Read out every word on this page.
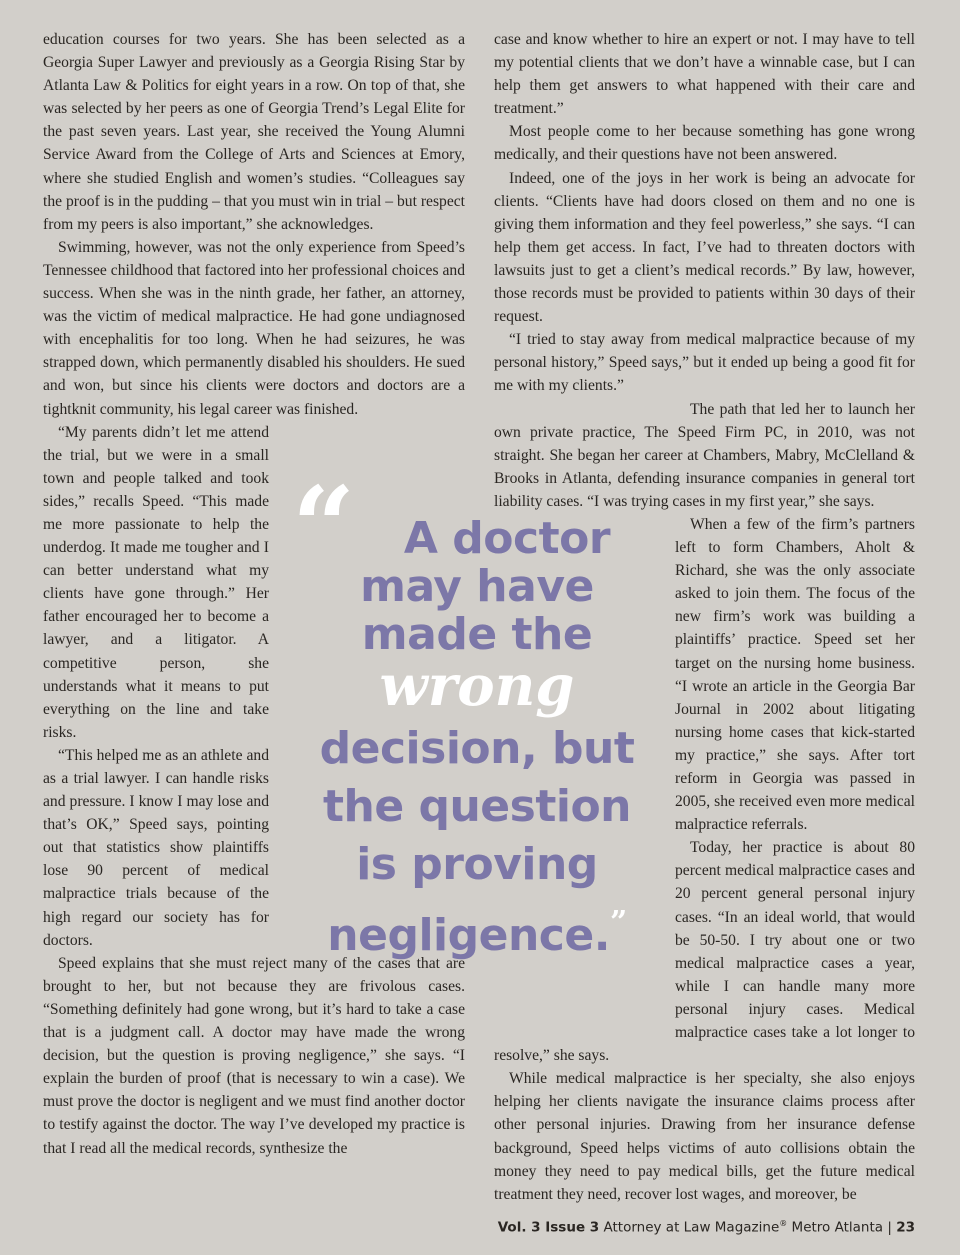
education courses for two years. She has been selected as a Georgia Super Lawyer and previously as a Georgia Rising Star by Atlanta Law & Politics for eight years in a row. On top of that, she was selected by her peers as one of Georgia Trend’s Legal Elite for the past seven years. Last year, she received the Young Alumni Service Award from the College of Arts and Sciences at Emory, where she studied English and women’s studies. “Colleagues say the proof is in the pudding – that you must win in trial – but respect from my peers is also important,” she acknowledges.

Swimming, however, was not the only experience from Speed’s Tennessee childhood that factored into her professional choices and success. When she was in the ninth grade, her father, an attorney, was the victim of medical malpractice. He had gone undiagnosed with encephalitis for too long. When he had seizures, he was strapped down, which permanently disabled his shoulders. He sued and won, but since his clients were doctors and doctors are a tightknit community, his legal career was finished.

“My parents didn’t let me attend the trial, but we were in a small town and people talked and took sides,” recalls Speed. “This made me more passionate to help the underdog. It made me tougher and I can better understand what my clients have gone through.” Her father encouraged her to become a lawyer, and a litigator. A competitive person, she understands what it means to put everything on the line and take risks.

“This helped me as an athlete and as a trial lawyer. I can handle risks and pressure. I know I may lose and that’s OK,” Speed says, pointing out that statistics show plaintiffs lose 90 percent of medical malpractice trials because of the high regard our society has for doctors.

Speed explains that she must reject many of the cases that are brought to her, but not because they are frivolous cases. “Something definitely had gone wrong, but it’s hard to take a case that is a judgment call. A doctor may have made the wrong decision, but the question is proving negligence,” she says. “I explain the burden of proof (that is necessary to win a case). We must prove the doctor is negligent and we must find another doctor to testify against the doctor. The way I’ve developed my practice is that I read all the medical records, synthesize the

case and know whether to hire an expert or not. I may have to tell my potential clients that we don’t have a winnable case, but I can help them get answers to what happened with their care and treatment.”

Most people come to her because something has gone wrong medically, and their questions have not been answered.

Indeed, one of the joys in her work is being an advocate for clients. “Clients have had doors closed on them and no one is giving them information and they feel powerless,” she says. “I can help them get access. In fact, I’ve had to threaten doctors with lawsuits just to get a client’s medical records.” By law, however, those records must be provided to patients within 30 days of their request.

“I tried to stay away from medical malpractice because of my personal history,” Speed says,” but it ended up being a good fit for me with my clients.”

The path that led her to launch her own private practice, The Speed Firm PC, in 2010, was not straight. She began her career at Chambers, Mabry, McClelland & Brooks in Atlanta, defending insurance companies in general tort liability cases. “I was trying cases in my first year,” she says.

When a few of the firm’s partners left to form Chambers, Aholt & Richard, she was the only associate asked to join them. The focus of the new firm’s work was building a plaintiffs’ practice. Speed set her target on the nursing home business. “I wrote an article in the Georgia Bar Journal in 2002 about litigating nursing home cases that kick-started my practice,” she says. After tort reform in Georgia was passed in 2005, she received even more medical malpractice referrals.

Today, her practice is about 80 percent medical malpractice cases and 20 percent general personal injury cases. “In an ideal world, that would be 50-50. I try about one or two medical malpractice cases a year, while I can handle many more personal injury cases. Medical malpractice cases take a lot longer to resolve,” she says.

While medical malpractice is her specialty, she also enjoys helping her clients navigate the insurance claims process after other personal injuries. Drawing from her insurance defense background, Speed helps victims of auto collisions obtain the money they need to pay medical bills, get the future medical treatment they need, recover lost wages, and moreover, be

“	A doctor
may have
made the
wrong
decision, but
the question
is proving
negligence.”
Vol. 3 Issue 3 Attorney at Law Magazine® Metro Atlanta | 23
